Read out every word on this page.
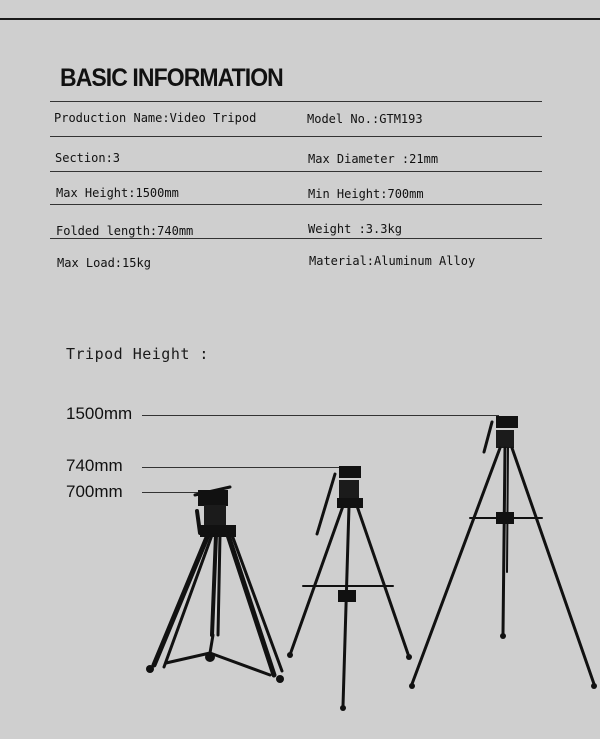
BASIC INFORMATION
Production Name:Video Tripod	Model No.:GTM193
Section:3	Max Diameter :21mm
Max Height:1500mm	Min Height:700mm
Folded length:740mm	Weight :3.3kg
Max Load:15kg	Material:Aluminum Alloy
Tripod Height :
1500mm
740mm
700mm
